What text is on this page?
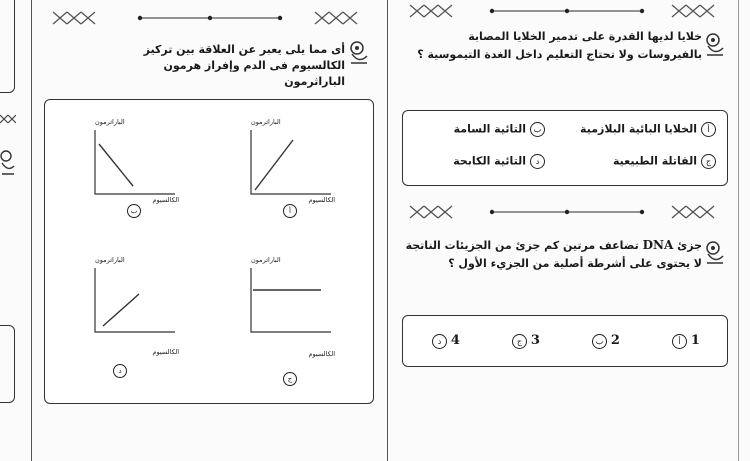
أى مما يلى يعبر عن العلاقة بين تركيز الكالسيوم فى الدم وإفراز هرمون الباراثرمون
الباراثرمون
الكالسيوم
أ
الباراثرمون
الكالسيوم
ب
الباراثرمون
الكالسيوم
ج
الباراثرمون
الكالسيوم
د
خلايا لديها القدرة على تدمير الخلايا المصابة بالفيروسات ولا تحتاج التعليم داخل الغدة التيموسية ؟
أالخلايا البائية البلازمية
بالتائية السامة
جالقاتلة الطبيعية
دالتائية الكابحة
جزئ DNA تضاعف مرتين كم جزئ من الجزيئات الناتجة لا يحتوى على أشرطة أصلية من الجزيء الأول ؟
1 أ
2 ب
3 ج
4 د
